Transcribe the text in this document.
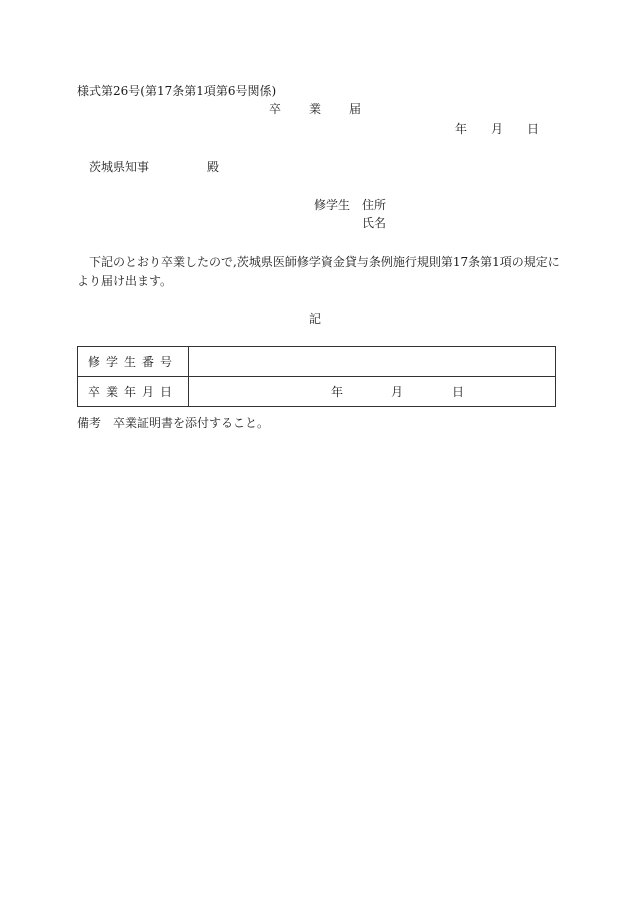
様式第26号(第17条第1項第6号関係)
卒 業 届
年 月 日
茨城県知事	殿
修学生 住所
氏名
下記のとおり卒業したので,茨城県医師修学資金貸与条例施行規則第17条第1項の規定に
より届け出ます。
記
修学生番号	
卒業年月日	年 月 日
備考 卒業証明書を添付すること。
